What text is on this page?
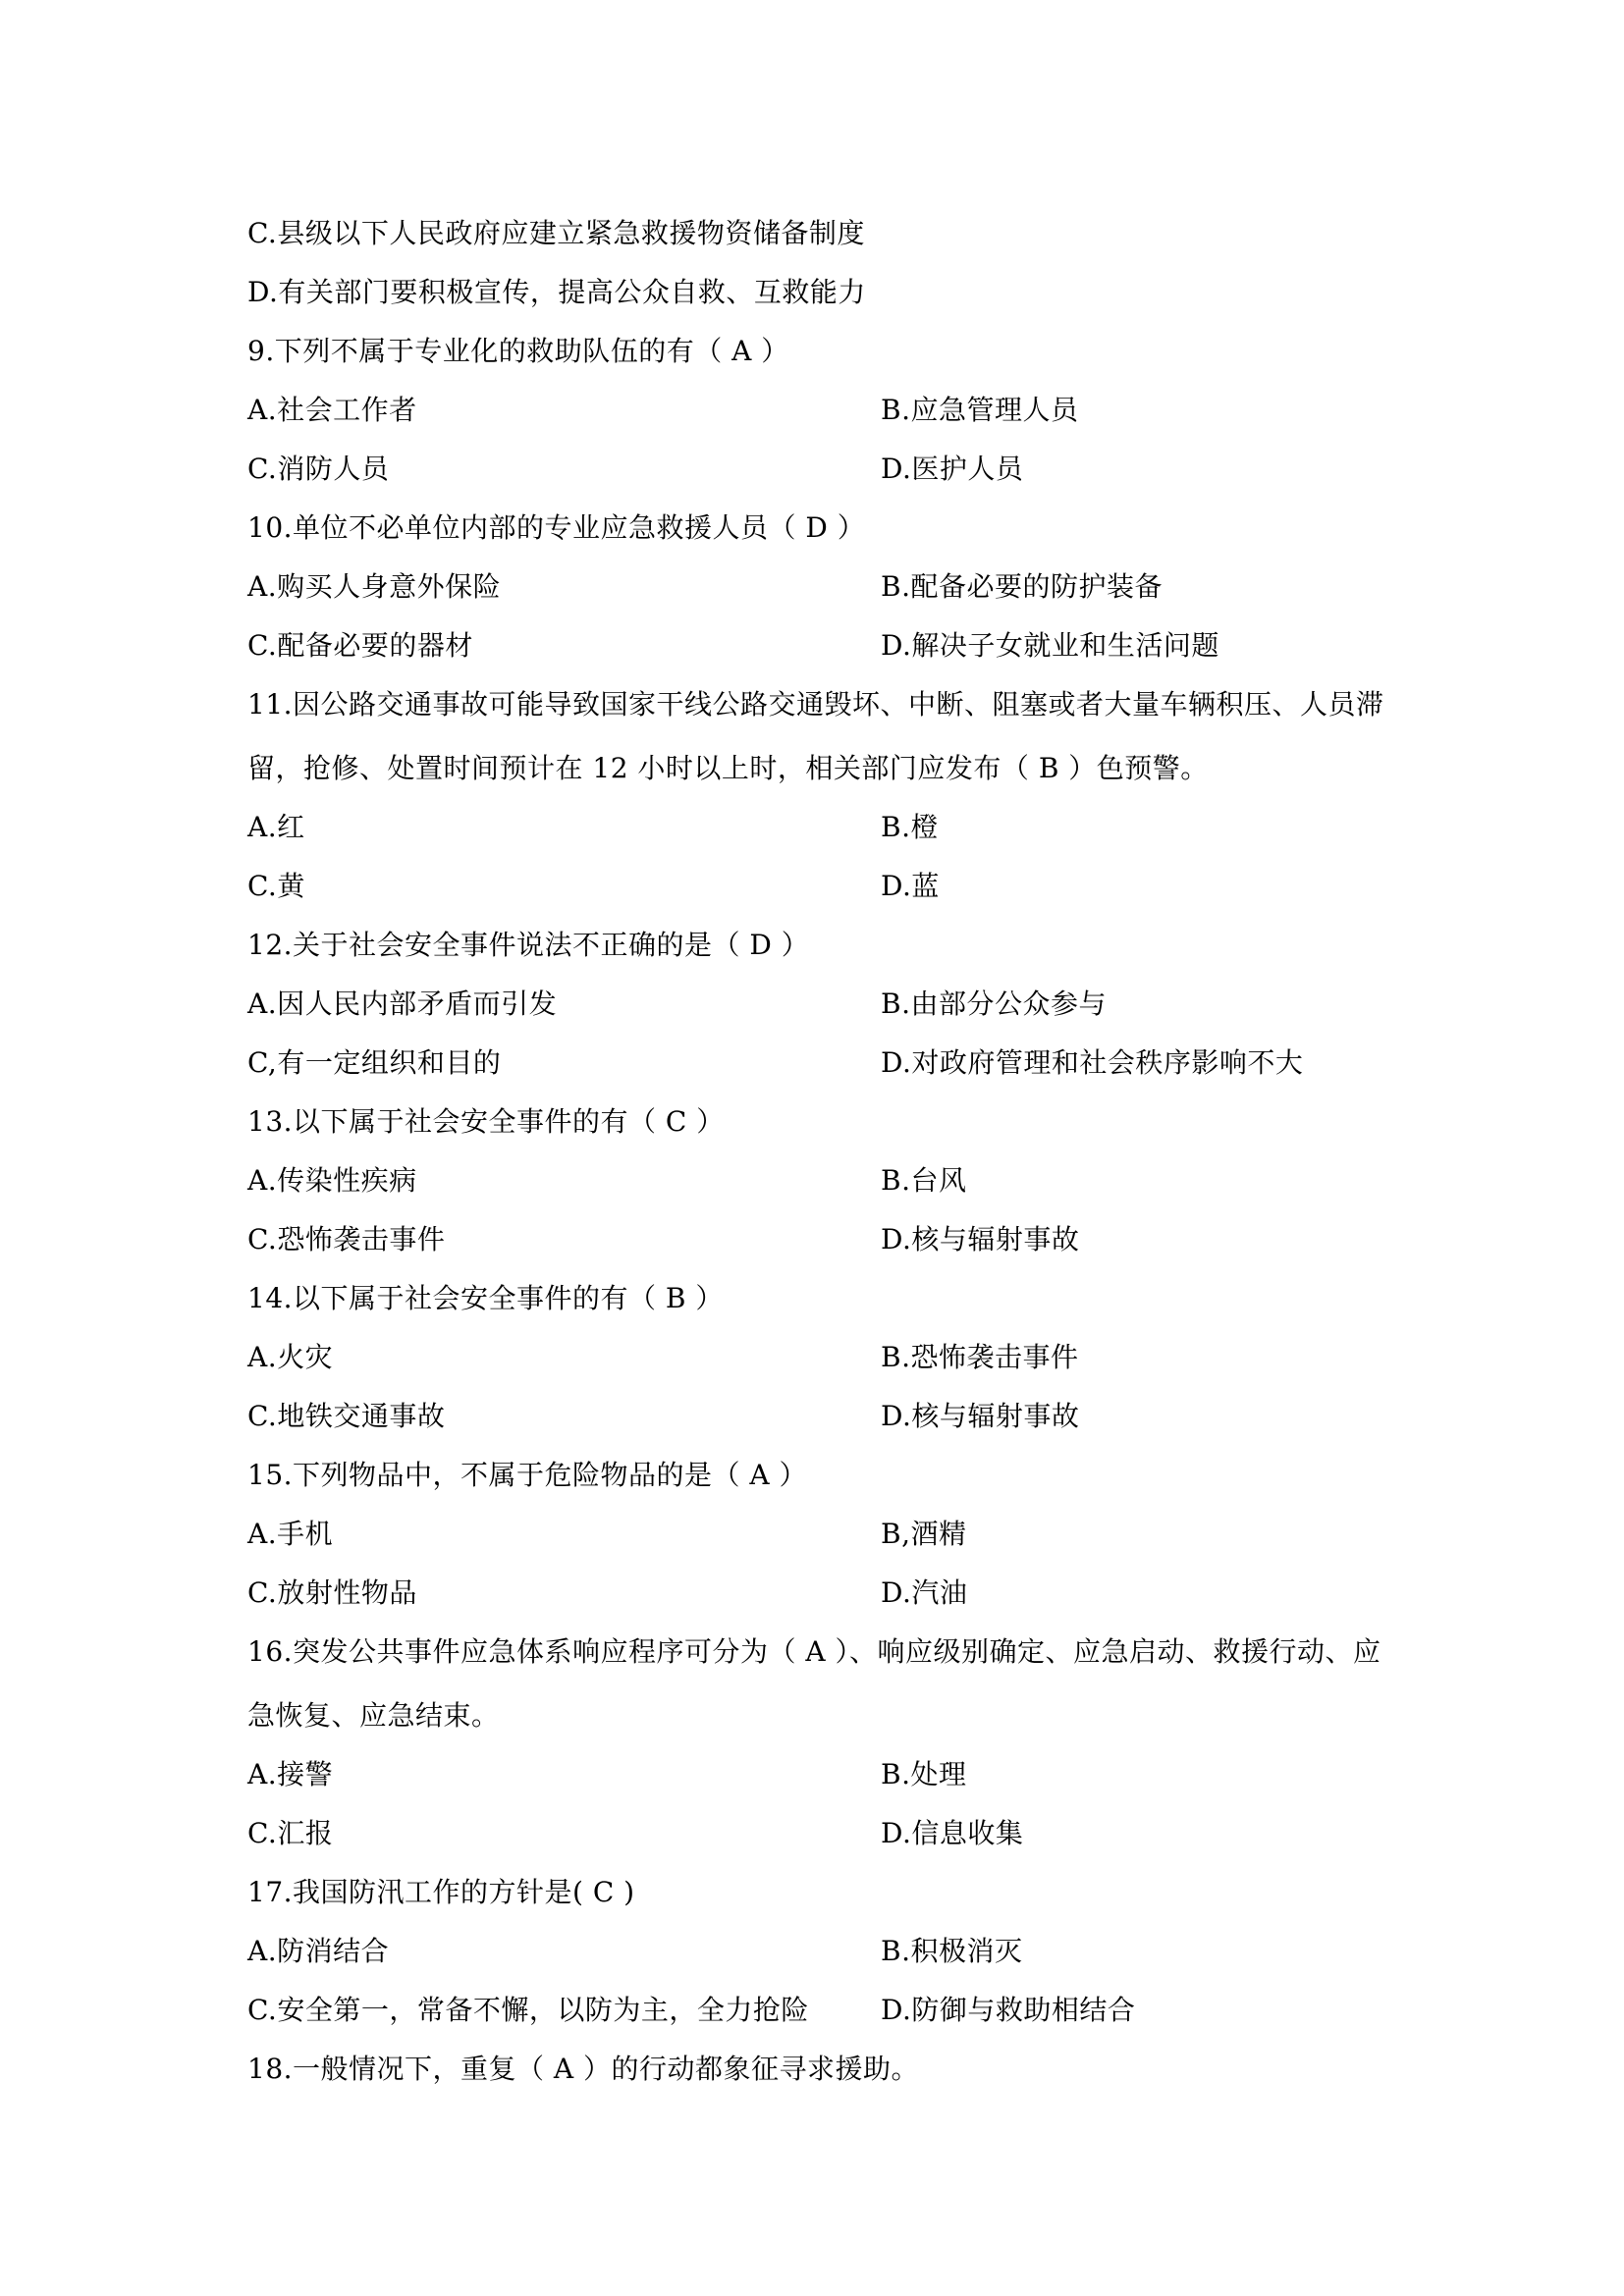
C.县级以下人民政府应建立紧急救援物资储备制度
D.有关部门要积极宣传，提高公众自救、互救能力
9.下列不属于专业化的救助队伍的有（ A ）
A.社会工作者	B.应急管理人员
C.消防人员	D.医护人员
10.单位不必单位内部的专业应急救援人员（ D ）
A.购买人身意外保险	B.配备必要的防护装备
C.配备必要的器材	D.解决子女就业和生活问题
11.因公路交通事故可能导致国家干线公路交通毁坏、中断、阻塞或者大量车辆积压、人员滞
留，抢修、处置时间预计在 12 小时以上时，相关部门应发布（ B ）色预警。
A.红	B.橙
C.黄	D.蓝
12.关于社会安全事件说法不正确的是（ D ）
A.因人民内部矛盾而引发	B.由部分公众参与
C,有一定组织和目的	D.对政府管理和社会秩序影响不大
13.以下属于社会安全事件的有（ C ）
A.传染性疾病	B.台风
C.恐怖袭击事件	D.核与辐射事故
14.以下属于社会安全事件的有（ B ）
A.火灾	B.恐怖袭击事件
C.地铁交通事故	D.核与辐射事故
15.下列物品中，不属于危险物品的是（ A ）
A.手机	B,酒精
C.放射性物品	D.汽油
16.突发公共事件应急体系响应程序可分为（ A ）、响应级别确定、应急启动、救援行动、应
急恢复、应急结束。
A.接警	B.处理
C.汇报	D.信息收集
17.我国防汛工作的方针是( C )
A.防消结合	B.积极消灭
C.安全第一，常备不懈，以防为主，全力抢险	D.防御与救助相结合
18.一般情况下，重复（ A ）的行动都象征寻求援助。
